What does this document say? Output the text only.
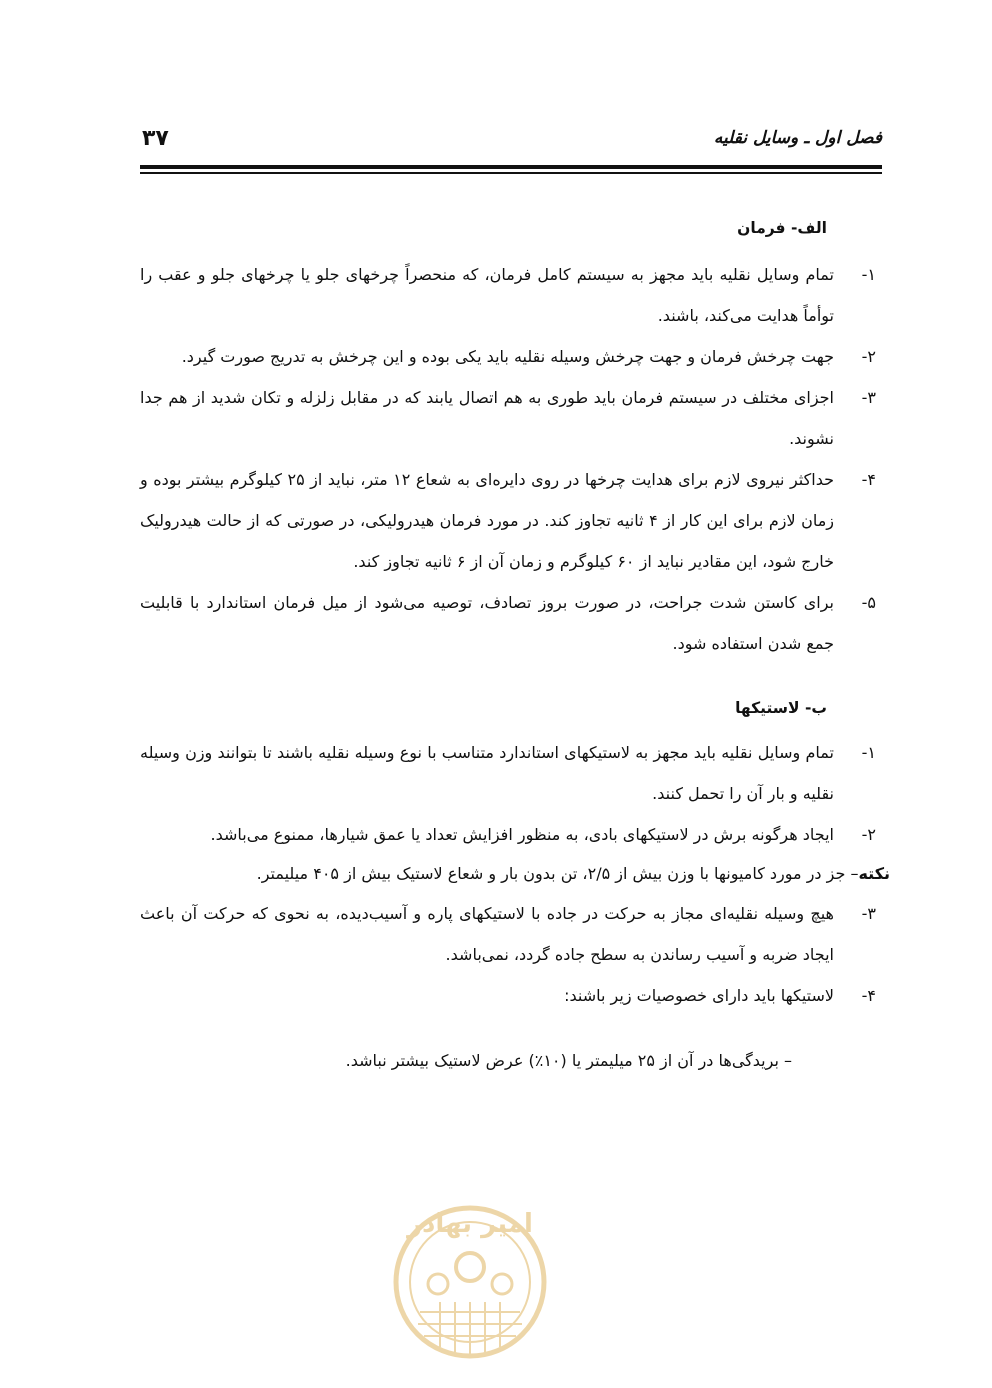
فصل اول ـ وسایل نقلیه
۳۷
الف- فرمان
۱-
تمام وسایل نقلیه باید مجهز به سیستم کامل فرمان، که منحصراً چرخهای جلو یا چرخهای جلو و عقب را توأماً هدایت می‌کند، باشند.
۲-
جهت چرخش فرمان و جهت چرخش وسیله نقلیه باید یکی بوده و این چرخش به تدریج صورت گیرد.
۳-
اجزای مختلف در سیستم فرمان باید طوری به هم اتصال یابند که در مقابل زلزله و تکان شدید از هم جدا نشوند.
۴-
حداکثر نیروی لازم برای هدایت چرخها در روی دایره‌ای به شعاع ۱۲ متر، نباید از ۲۵ کیلوگرم بیشتر بوده و زمان لازم برای این کار از ۴ ثانیه تجاوز کند. در مورد فرمان هیدرولیکی، در صورتی که از حالت هیدرولیک خارج شود، این مقادیر نباید از ۶۰ کیلوگرم و زمان آن از ۶ ثانیه تجاوز کند.
۵-
برای کاستن شدت جراحت، در صورت بروز تصادف، توصیه می‌شود از میل فرمان استاندارد با قابلیت جمع شدن استفاده شود.
ب- لاستیکها
۱-
تمام وسایل نقلیه باید مجهز به لاستیکهای استاندارد متناسب با نوع وسیله نقلیه باشند تا بتوانند وزن وسیله نقلیه و بار آن را تحمل کنند.
۲-
ایجاد هرگونه برش در لاستیکهای بادی، به منظور افزایش تعداد یا عمق شیارها، ممنوع می‌باشد.
نکته– جز در مورد کامیونها با وزن بیش از ۲/۵، تن بدون بار و شعاع لاستیک بیش از ۴۰۵ میلیمتر.
۳-
هیچ وسیله نقلیه‌ای مجاز به حرکت در جاده با لاستیکهای پاره و آسیب‌دیده، به نحوی که حرکت آن باعث ایجاد ضربه و آسیب رساندن به سطح جاده گردد، نمی‌باشد.
۴-
لاستیکها باید دارای خصوصیات زیر باشند:
– بریدگی‌ها در آن از ۲۵ میلیمتر یا (۱۰٪) عرض لاستیک بیشتر نباشد.
امیر بهادر
